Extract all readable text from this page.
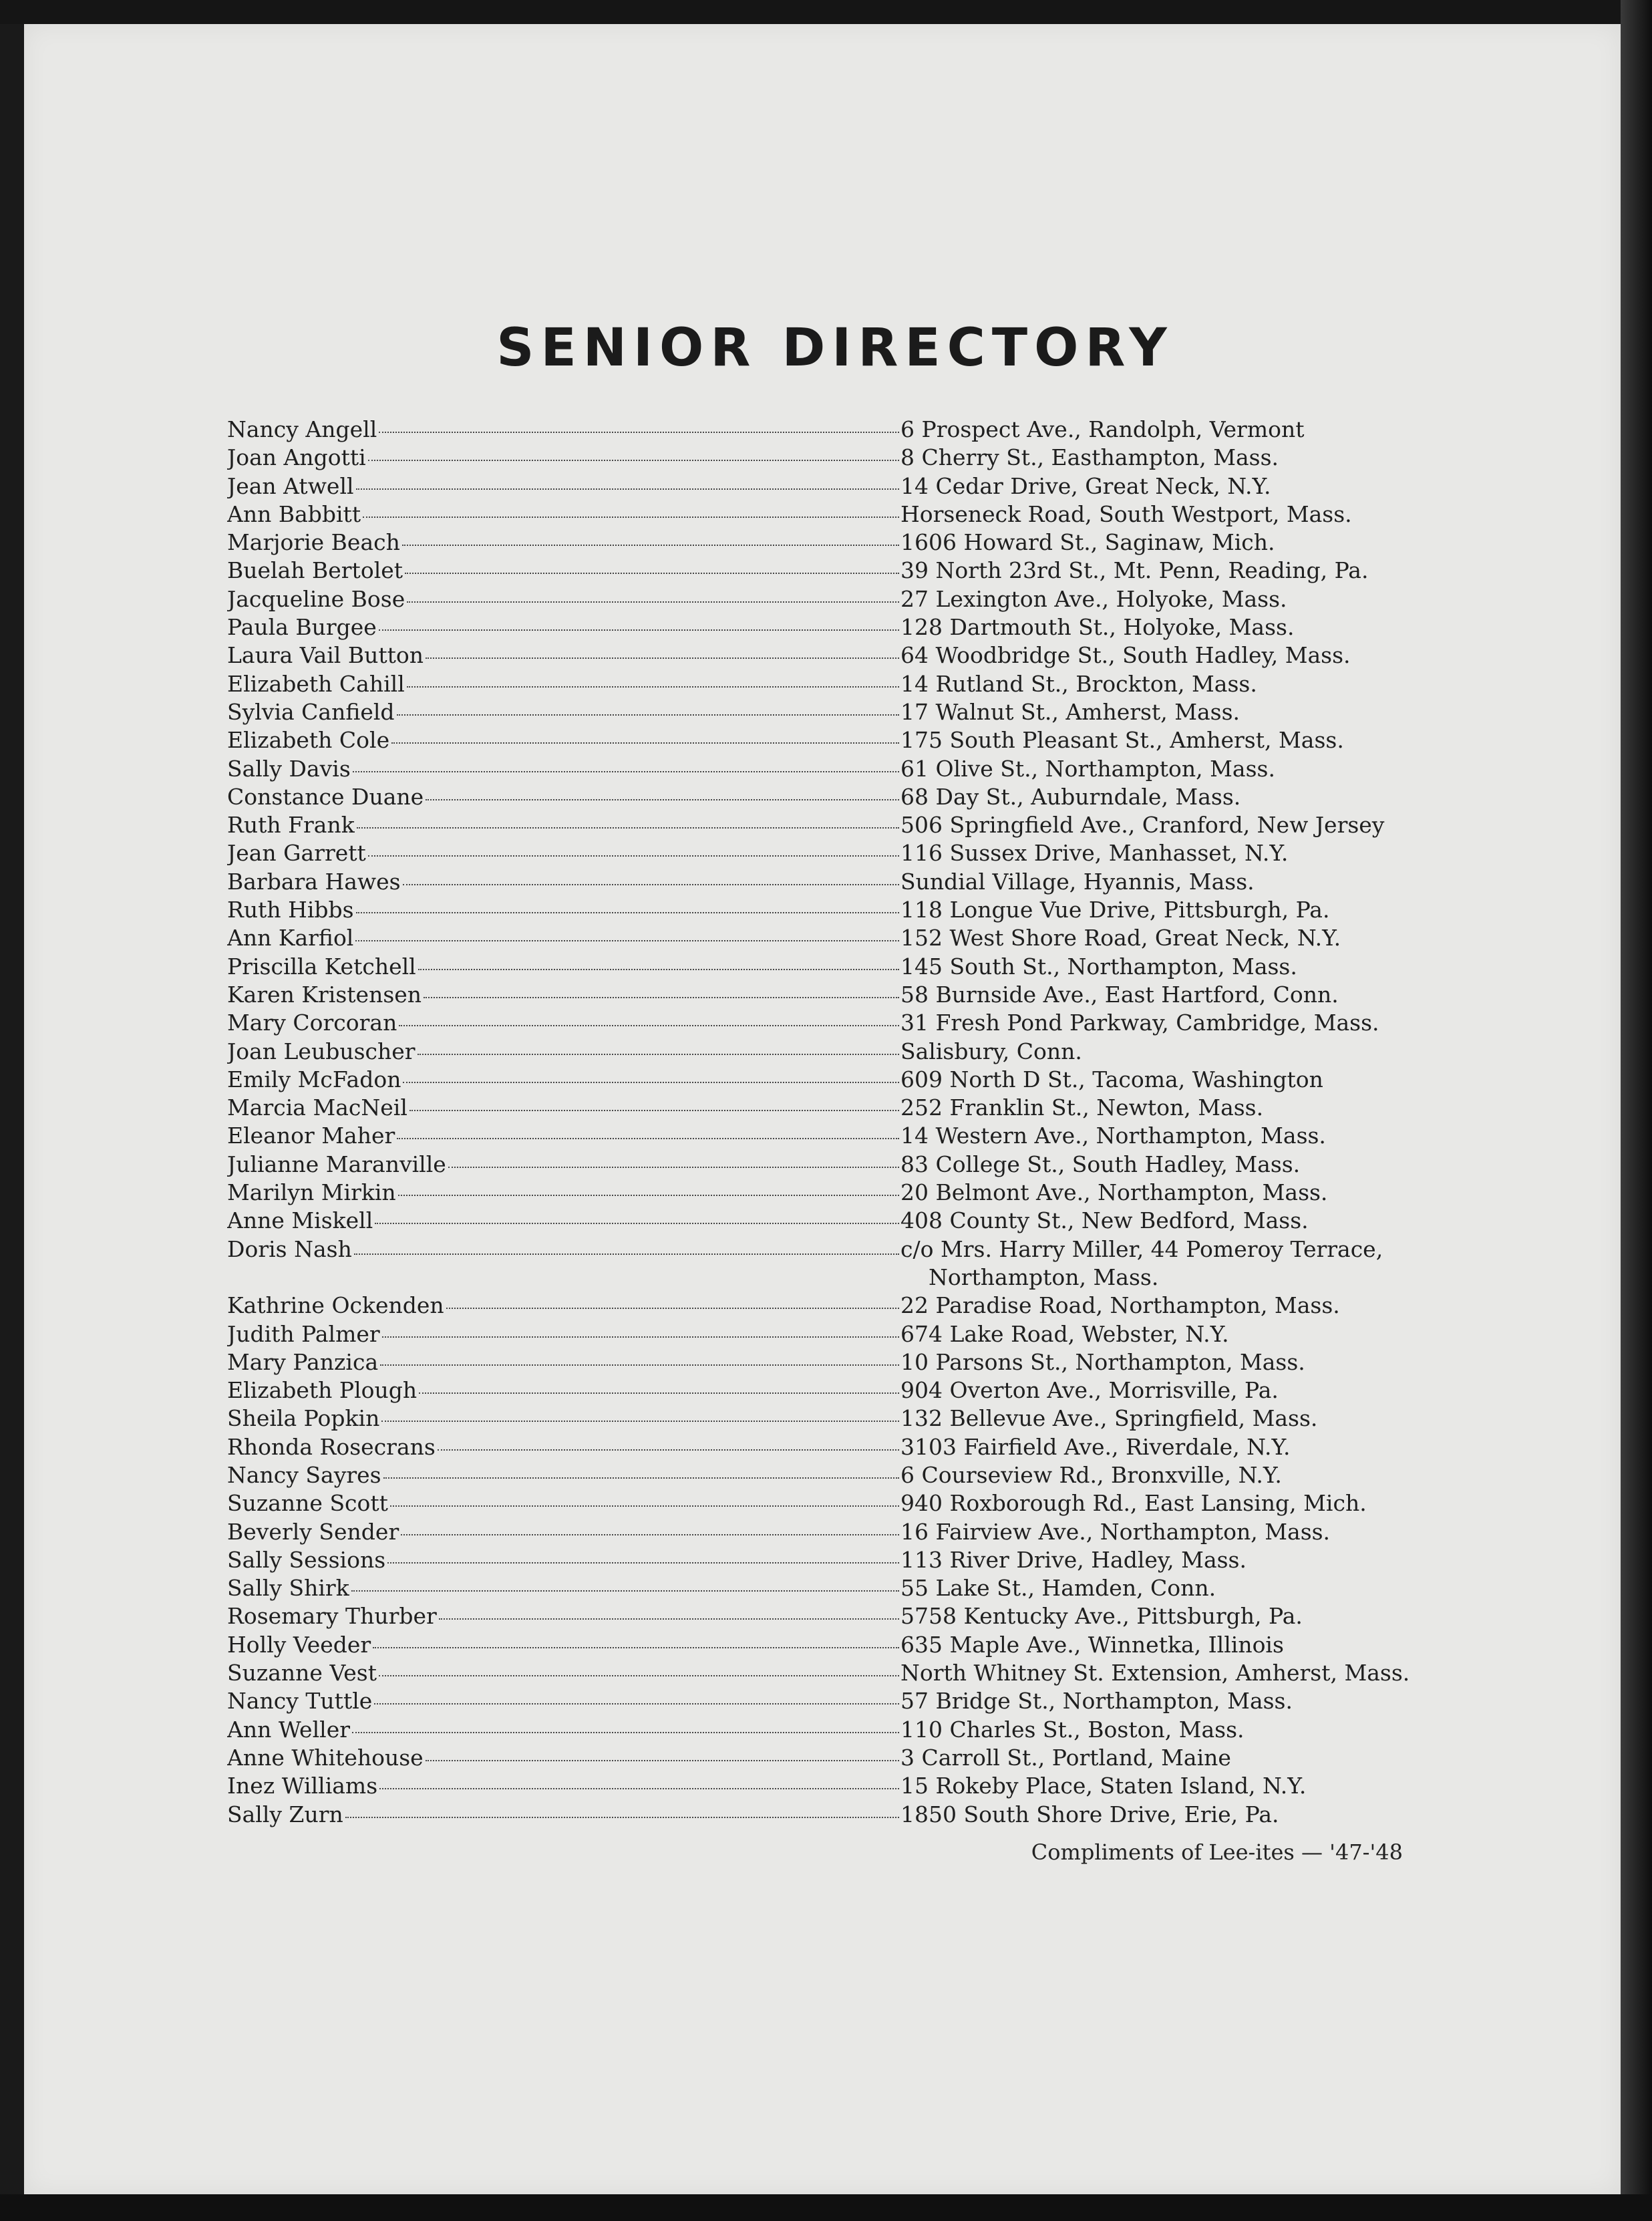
SENIOR DIRECTORY
Nancy Angell	6 Prospect Ave., Randolph, Vermont
Joan Angotti	8 Cherry St., Easthampton, Mass.
Jean Atwell	14 Cedar Drive, Great Neck, N.Y.
Ann Babbitt	Horseneck Road, South Westport, Mass.
Marjorie Beach	1606 Howard St., Saginaw, Mich.
Buelah Bertolet	39 North 23rd St., Mt. Penn, Reading, Pa.
Jacqueline Bose	27 Lexington Ave., Holyoke, Mass.
Paula Burgee	128 Dartmouth St., Holyoke, Mass.
Laura Vail Button	64 Woodbridge St., South Hadley, Mass.
Elizabeth Cahill	14 Rutland St., Brockton, Mass.
Sylvia Canfield	17 Walnut St., Amherst, Mass.
Elizabeth Cole	175 South Pleasant St., Amherst, Mass.
Sally Davis	61 Olive St., Northampton, Mass.
Constance Duane	68 Day St., Auburndale, Mass.
Ruth Frank	506 Springfield Ave., Cranford, New Jersey
Jean Garrett	116 Sussex Drive, Manhasset, N.Y.
Barbara Hawes	Sundial Village, Hyannis, Mass.
Ruth Hibbs	118 Longue Vue Drive, Pittsburgh, Pa.
Ann Karfiol	152 West Shore Road, Great Neck, N.Y.
Priscilla Ketchell	145 South St., Northampton, Mass.
Karen Kristensen	58 Burnside Ave., East Hartford, Conn.
Mary Corcoran	31 Fresh Pond Parkway, Cambridge, Mass.
Joan Leubuscher	Salisbury, Conn.
Emily McFadon	609 North D St., Tacoma, Washington
Marcia MacNeil	252 Franklin St., Newton, Mass.
Eleanor Maher	14 Western Ave., Northampton, Mass.
Julianne Maranville	83 College St., South Hadley, Mass.
Marilyn Mirkin	20 Belmont Ave., Northampton, Mass.
Anne Miskell	408 County St., New Bedford, Mass.
Doris Nash	c/o Mrs. Harry Miller, 44 Pomeroy Terrace,
Northampton, Mass.
Kathrine Ockenden	22 Paradise Road, Northampton, Mass.
Judith Palmer	674 Lake Road, Webster, N.Y.
Mary Panzica	10 Parsons St., Northampton, Mass.
Elizabeth Plough	904 Overton Ave., Morrisville, Pa.
Sheila Popkin	132 Bellevue Ave., Springfield, Mass.
Rhonda Rosecrans	3103 Fairfield Ave., Riverdale, N.Y.
Nancy Sayres	6 Courseview Rd., Bronxville, N.Y.
Suzanne Scott	940 Roxborough Rd., East Lansing, Mich.
Beverly Sender	16 Fairview Ave., Northampton, Mass.
Sally Sessions	113 River Drive, Hadley, Mass.
Sally Shirk	55 Lake St., Hamden, Conn.
Rosemary Thurber	5758 Kentucky Ave., Pittsburgh, Pa.
Holly Veeder	635 Maple Ave., Winnetka, Illinois
Suzanne Vest	North Whitney St. Extension, Amherst, Mass.
Nancy Tuttle	57 Bridge St., Northampton, Mass.
Ann Weller	110 Charles St., Boston, Mass.
Anne Whitehouse	3 Carroll St., Portland, Maine
Inez Williams	15 Rokeby Place, Staten Island, N.Y.
Sally Zurn	1850 South Shore Drive, Erie, Pa.
Compliments of Lee-ites — '47-'48
